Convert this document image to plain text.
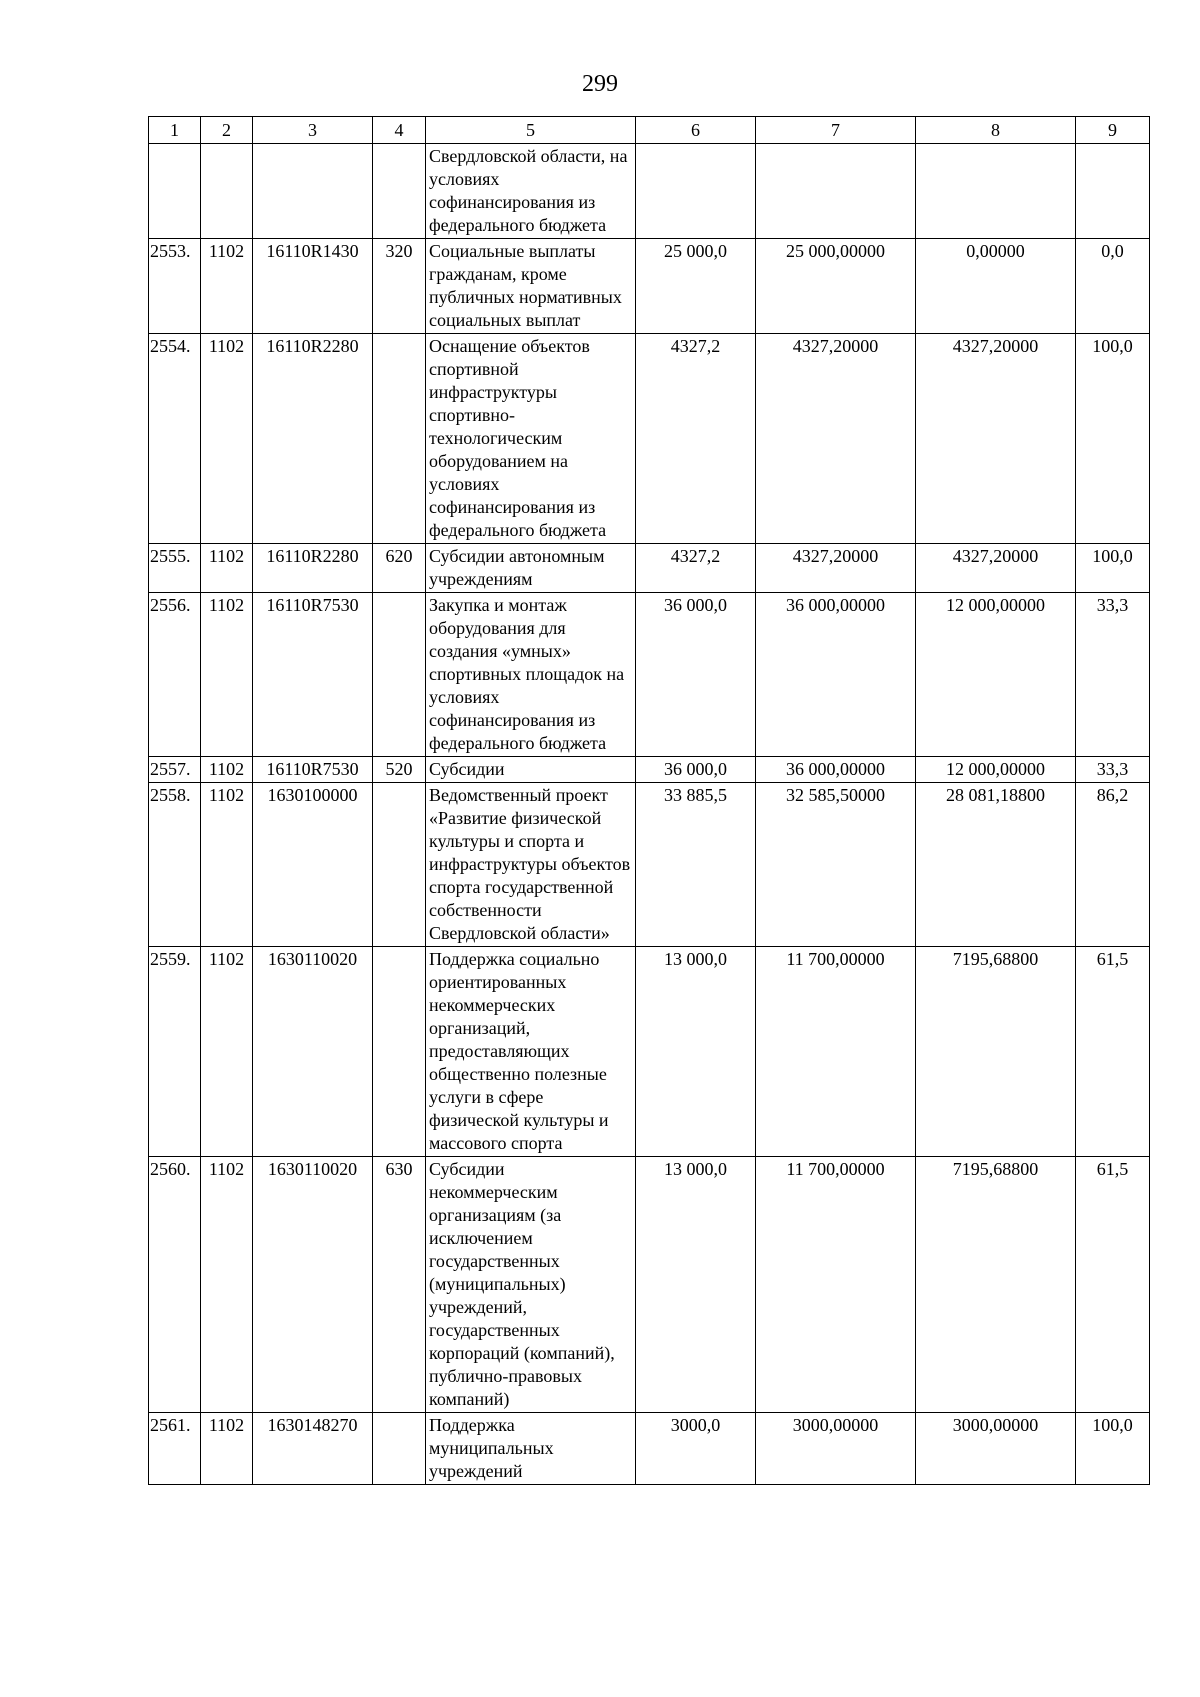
299
1	2	3	4	5	6	7	8	9
				Свердловской области, на условиях софинансирования из федерального бюджета				
2553.	1102	16110R1430	320	Социальные выплаты гражданам, кроме публичных нормативных социальных выплат	25 000,0	25 000,00000	0,00000	0,0
2554.	1102	16110R2280		Оснащение объектов спортивной инфраструктуры спортивно-технологическим оборудованием на условиях софинансирования из федерального бюджета	4327,2	4327,20000	4327,20000	100,0
2555.	1102	16110R2280	620	Субсидии автономным учреждениям	4327,2	4327,20000	4327,20000	100,0
2556.	1102	16110R7530		Закупка и монтаж оборудования для создания «умных» спортивных площадок на условиях софинансирования из федерального бюджета	36 000,0	36 000,00000	12 000,00000	33,3
2557.	1102	16110R7530	520	Субсидии	36 000,0	36 000,00000	12 000,00000	33,3
2558.	1102	1630100000		Ведомственный проект «Развитие физической культуры и спорта и инфраструктуры объектов спорта государственной собственности Свердловской области»	33 885,5	32 585,50000	28 081,18800	86,2
2559.	1102	1630110020		Поддержка социально ориентированных некоммерческих организаций, предоставляющих общественно полезные услуги в сфере физической культуры и массового спорта	13 000,0	11 700,00000	7195,68800	61,5
2560.	1102	1630110020	630	Субсидии некоммерческим организациям (за исключением государственных (муниципальных) учреждений, государственных корпораций (компаний), публично-правовых компаний)	13 000,0	11 700,00000	7195,68800	61,5
2561.	1102	1630148270		Поддержка муниципальных учреждений	3000,0	3000,00000	3000,00000	100,0
